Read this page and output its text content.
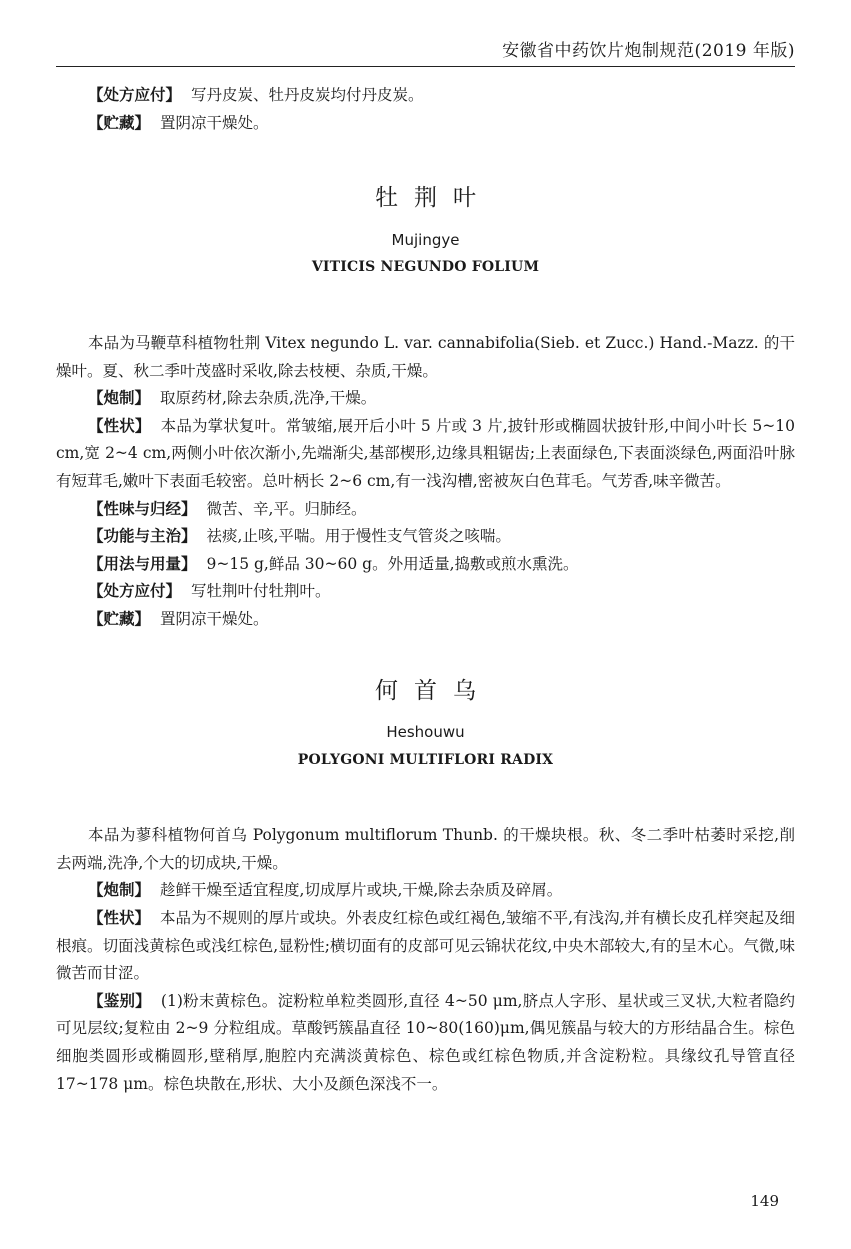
安徽省中药饮片炮制规范(2019 年版)

【处方应付】 写丹皮炭、牡丹皮炭均付丹皮炭。

【贮藏】 置阴凉干燥处。

牡荆叶

Mujingye

VITICIS NEGUNDO FOLIUM

本品为马鞭草科植物牡荆 Vitex negundo L. var. cannabifolia(Sieb. et Zucc.) Hand.-Mazz. 的干燥叶。夏、秋二季叶茂盛时采收,除去枝梗、杂质,干燥。

【炮制】 取原药材,除去杂质,洗净,干燥。

【性状】 本品为掌状复叶。常皱缩,展开后小叶 5 片或 3 片,披针形或椭圆状披针形,中间小叶长 5~10 cm,宽 2~4 cm,两侧小叶依次渐小,先端渐尖,基部楔形,边缘具粗锯齿;上表面绿色,下表面淡绿色,两面沿叶脉有短茸毛,嫩叶下表面毛较密。总叶柄长 2~6 cm,有一浅沟槽,密被灰白色茸毛。气芳香,味辛微苦。

【性味与归经】 微苦、辛,平。归肺经。

【功能与主治】 祛痰,止咳,平喘。用于慢性支气管炎之咳喘。

【用法与用量】 9~15 g,鲜品 30~60 g。外用适量,捣敷或煎水熏洗。

【处方应付】 写牡荆叶付牡荆叶。

【贮藏】 置阴凉干燥处。

何首乌

Heshouwu

POLYGONI MULTIFLORI RADIX

本品为蓼科植物何首乌 Polygonum multiflorum Thunb. 的干燥块根。秋、冬二季叶枯萎时采挖,削去两端,洗净,个大的切成块,干燥。

【炮制】 趁鲜干燥至适宜程度,切成厚片或块,干燥,除去杂质及碎屑。

【性状】 本品为不规则的厚片或块。外表皮红棕色或红褐色,皱缩不平,有浅沟,并有横长皮孔样突起及细根痕。切面浅黄棕色或浅红棕色,显粉性;横切面有的皮部可见云锦状花纹,中央木部较大,有的呈木心。气微,味微苦而甘涩。

【鉴别】 (1)粉末黄棕色。淀粉粒单粒类圆形,直径 4~50 μm,脐点人字形、星状或三叉状,大粒者隐约可见层纹;复粒由 2~9 分粒组成。草酸钙簇晶直径 10~80(160)μm,偶见簇晶与较大的方形结晶合生。棕色细胞类圆形或椭圆形,壁稍厚,胞腔内充满淡黄棕色、棕色或红棕色物质,并含淀粉粒。具缘纹孔导管直径 17~178 μm。棕色块散在,形状、大小及颜色深浅不一。

149
